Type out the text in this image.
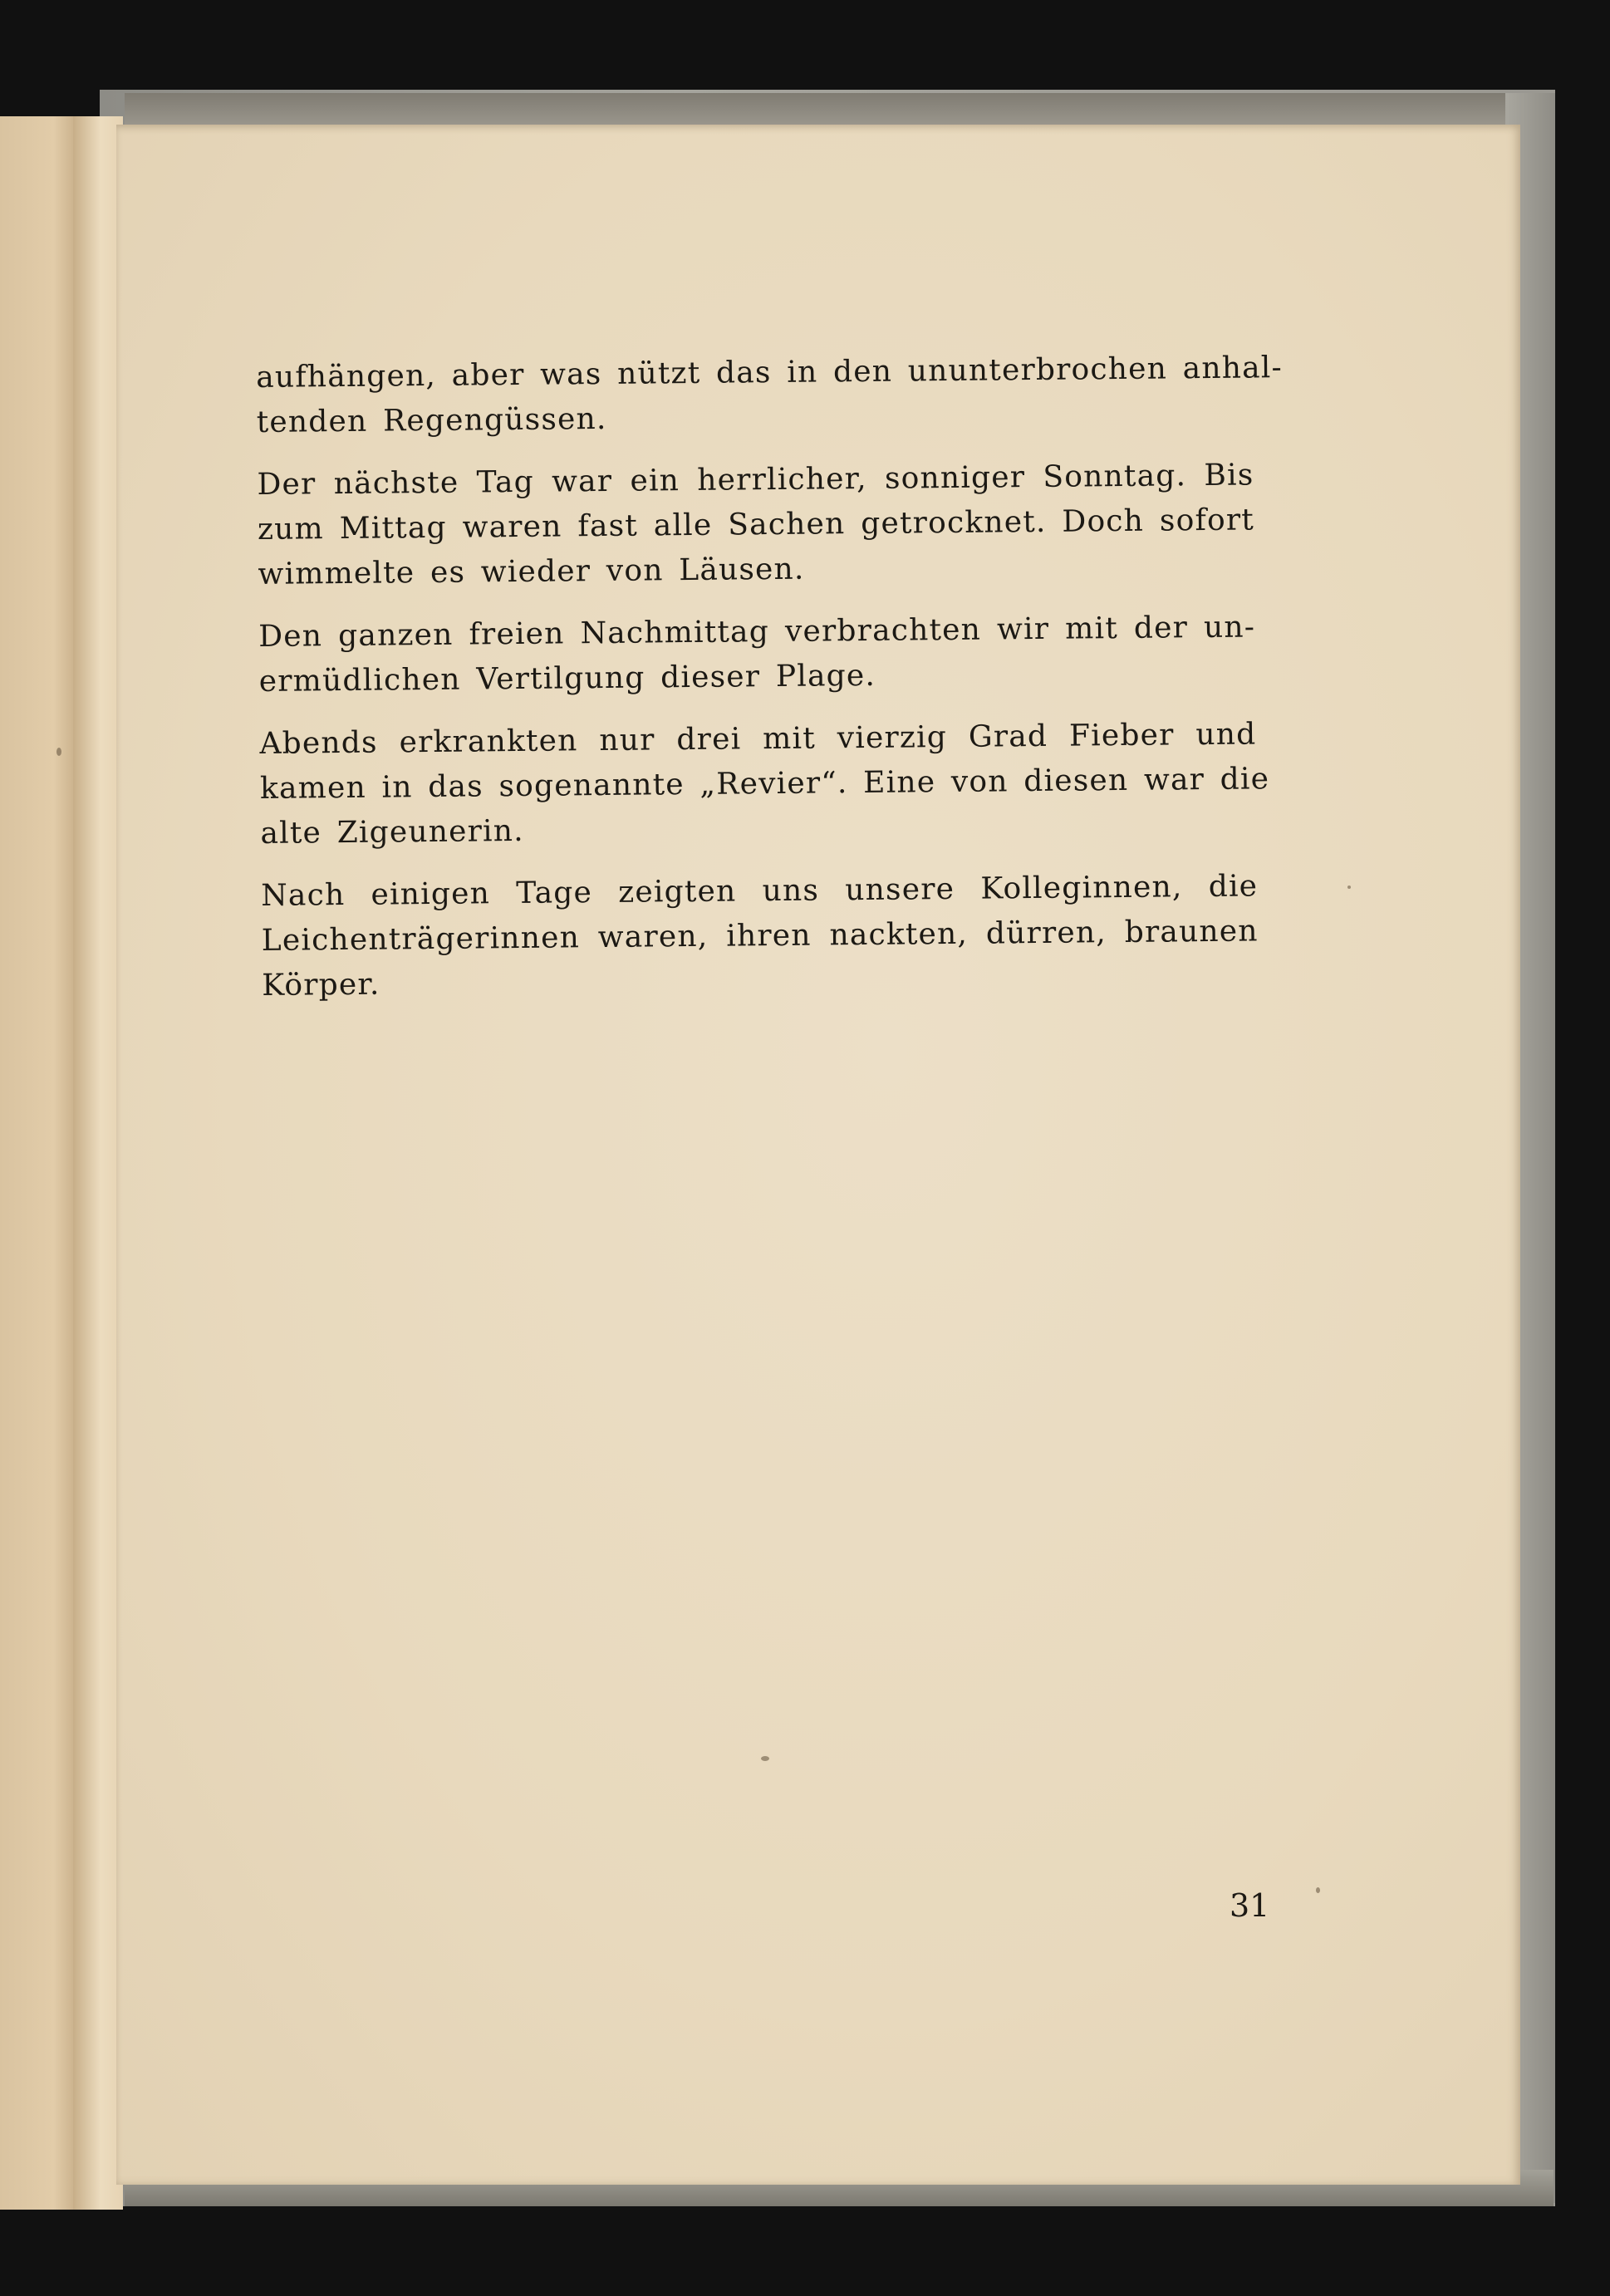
aufhängen, aber was nützt das in den ununterbrochen anhal-
tenden Regengüssen.

Der nächste Tag war ein herrlicher, sonniger Sonntag. Bis
zum Mittag waren fast alle Sachen getrocknet. Doch sofort
wimmelte es wieder von Läusen.

Den ganzen freien Nachmittag verbrachten wir mit der un-
ermüdlichen Vertilgung dieser Plage.

Abends erkrankten nur drei mit vierzig Grad Fieber und
kamen in das sogenannte „Revier“. Eine von diesen war die
alte Zigeunerin.

Nach einigen Tage zeigten uns unsere Kolleginnen, die
Leichenträgerinnen waren, ihren nackten, dürren, braunen
Körper.

31
